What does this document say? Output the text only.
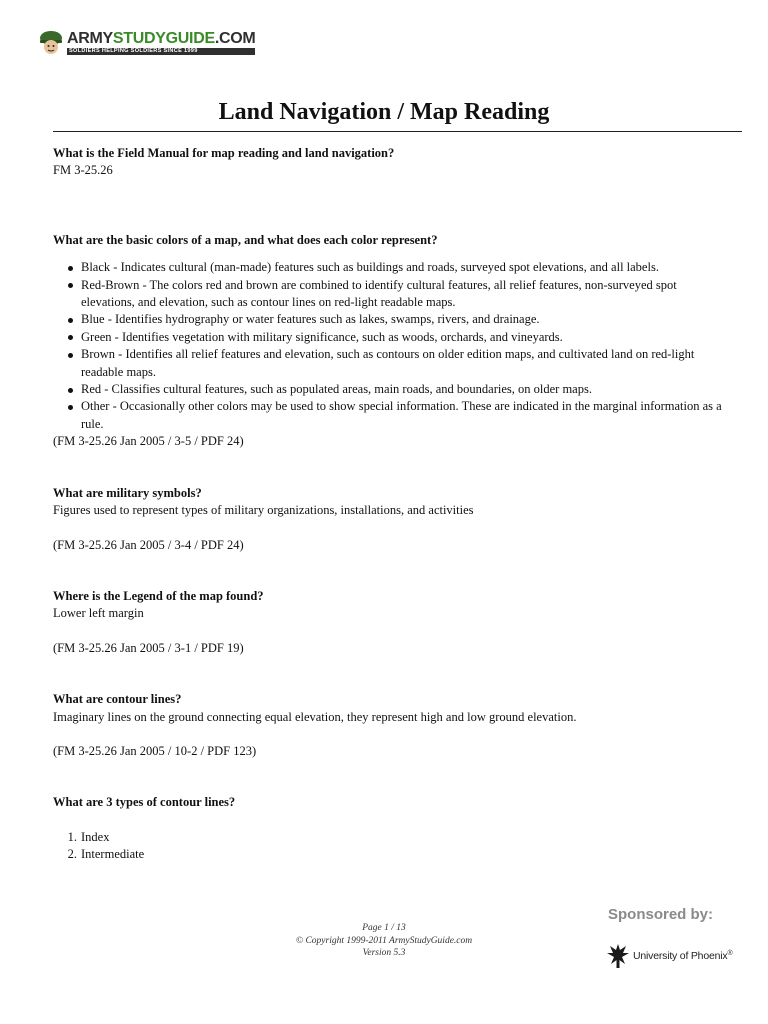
ARMYSTUDYGUIDE.COM
SOLDIERS HELPING SOLDIERS SINCE 1999
Land Navigation / Map Reading
What is the Field Manual for map reading and land navigation?
FM 3-25.26
What are the basic colors of a map, and what does each color represent?
Black - Indicates cultural (man-made) features such as buildings and roads, surveyed spot elevations, and all labels.
Red-Brown - The colors red and brown are combined to identify cultural features, all relief features, non-surveyed spot elevations, and elevation, such as contour lines on red-light readable maps.
Blue - Identifies hydrography or water features such as lakes, swamps, rivers, and drainage.
Green - Identifies vegetation with military significance, such as woods, orchards, and vineyards.
Brown - Identifies all relief features and elevation, such as contours on older edition maps, and cultivated land on red-light readable maps.
Red - Classifies cultural features, such as populated areas, main roads, and boundaries, on older maps.
Other - Occasionally other colors may be used to show special information. These are indicated in the marginal information as a rule.
(FM 3-25.26 Jan 2005 / 3-5 / PDF 24)
What are military symbols?
Figures used to represent types of military organizations, installations, and activities
(FM 3-25.26 Jan 2005 / 3-4 / PDF 24)
Where is the Legend of the map found?
Lower left margin
(FM 3-25.26 Jan 2005 / 3-1 / PDF 19)
What are contour lines?
Imaginary lines on the ground connecting equal elevation, they represent high and low ground elevation.
(FM 3-25.26 Jan 2005 / 10-2 / PDF 123)
What are 3 types of contour lines?
1. Index
2. Intermediate
Page 1 / 13
© Copyright 1999-2011 ArmyStudyGuide.com
Version 5.3
Sponsored by:
University of Phoenix®
